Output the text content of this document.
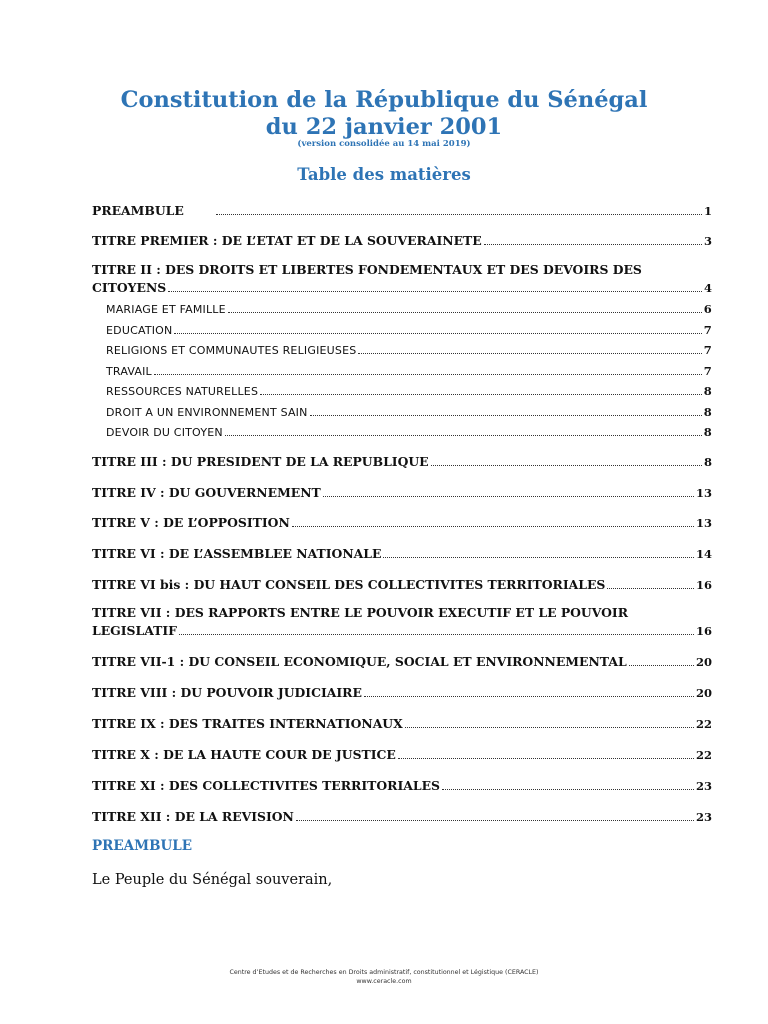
Constitution de la République du Sénégal
du 22 janvier 2001
(version consolidée au 14 mai 2019)
Table des matières
PREAMBULE	1
TITRE PREMIER : DE L’ETAT ET DE LA SOUVERAINETE	3
TITRE II : DES DROITS ET LIBERTES FONDEMENTAUX ET DES DEVOIRS DES
CITOYENS	4
MARIAGE ET FAMILLE	6
EDUCATION	7
RELIGIONS ET COMMUNAUTES RELIGIEUSES	7
TRAVAIL	7
RESSOURCES NATURELLES	8
DROIT A UN ENVIRONNEMENT SAIN	8
DEVOIR DU CITOYEN	8
TITRE III : DU PRESIDENT DE LA REPUBLIQUE	8
TITRE IV : DU GOUVERNEMENT	13
TITRE V : DE L’OPPOSITION	13
TITRE VI : DE L’ASSEMBLEE NATIONALE	14
TITRE VI bis : DU HAUT CONSEIL DES COLLECTIVITES TERRITORIALES	16
TITRE VII : DES RAPPORTS ENTRE LE POUVOIR EXECUTIF ET LE POUVOIR
LEGISLATIF	16
TITRE VII-1 : DU CONSEIL ECONOMIQUE, SOCIAL ET ENVIRONNEMENTAL	20
TITRE VIII : DU POUVOIR JUDICIAIRE	20
TITRE IX : DES TRAITES INTERNATIONAUX	22
TITRE X : DE LA HAUTE COUR DE JUSTICE	22
TITRE XI : DES COLLECTIVITES TERRITORIALES	23
TITRE XII : DE LA REVISION	23
PREAMBULE
Le Peuple du Sénégal souverain,
Centre d’Etudes et de Recherches en Droits administratif, constitutionnel et Légistique (CERACLE)
www.ceracle.com
